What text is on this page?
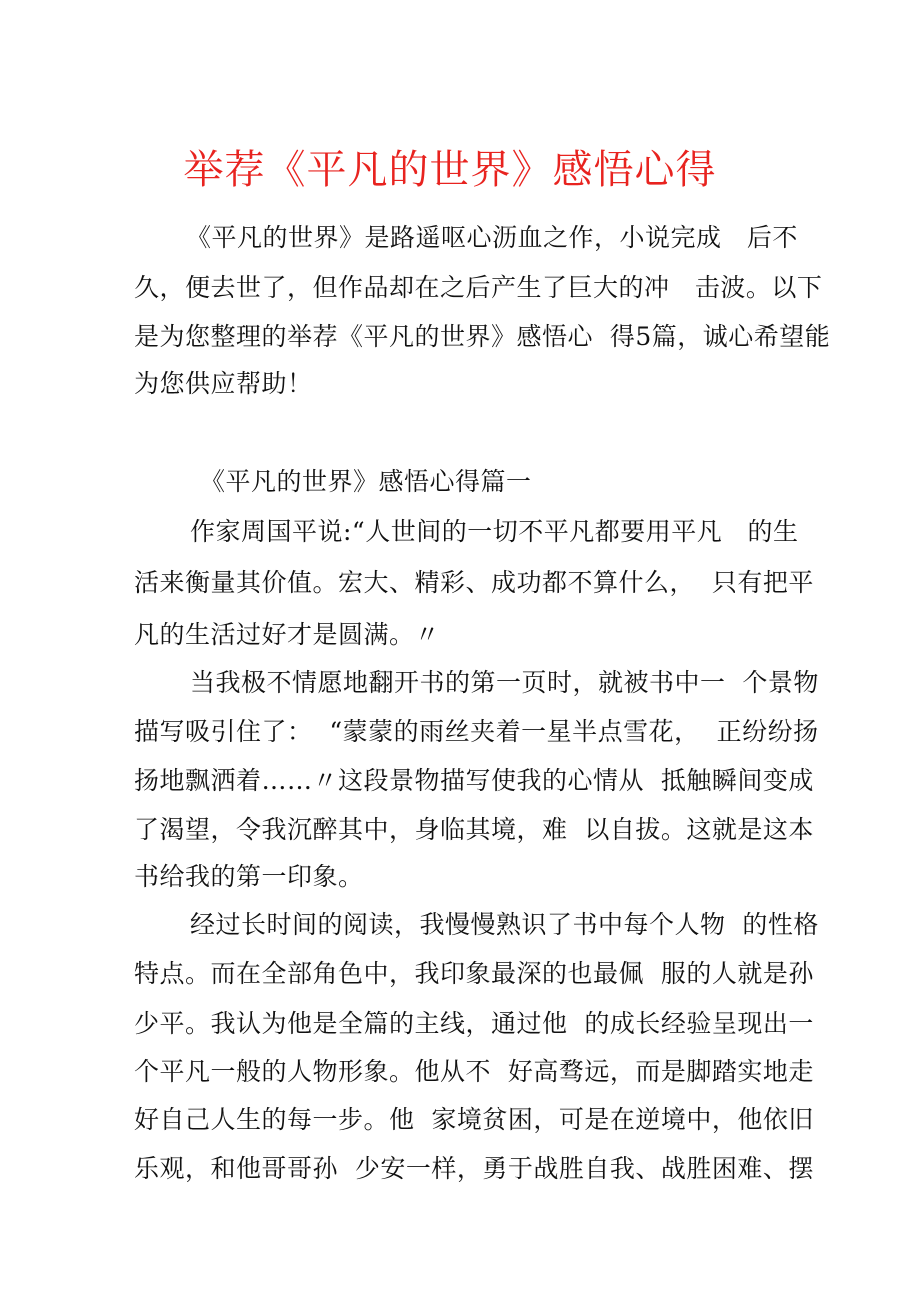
举荐《平凡的世界》感悟心得
《平凡的世界》是路遥呕心沥血之作，小说完成   后不
久，便去世了，但作品却在之后产生了巨大的冲   击波。以下
是为您整理的举荐《平凡的世界》感悟心  得5篇，诚心希望能
为您供应帮助！
《平凡的世界》感悟心得篇一
作家周国平说:“人世间的一切不平凡都要用平凡   的生
活来衡量其价值。宏大、精彩、成功都不算什么，  只有把平
凡的生活过好才是圆满。〃
当我极不情愿地翻开书的第一页时，就被书中一  个景物
描写吸引住了：  “蒙蒙的雨丝夹着一星半点雪花，  正纷纷扬
扬地飘洒着……〃这段景物描写使我的心情从  抵触瞬间变成
了渴望，令我沉醉其中，身临其境，难  以自拔。这就是这本
书给我的第一印象。
经过长时间的阅读，我慢慢熟识了书中每个人物  的性格
特点。而在全部角色中，我印象最深的也最佩  服的人就是孙
少平。我认为他是全篇的主线，通过他  的成长经验呈现出一
个平凡一般的人物形象。他从不  好高骛远，而是脚踏实地走
好自己人生的每一步。他  家境贫困，可是在逆境中，他依旧
乐观，和他哥哥孙  少安一样，勇于战胜自我、战胜困难、摆
